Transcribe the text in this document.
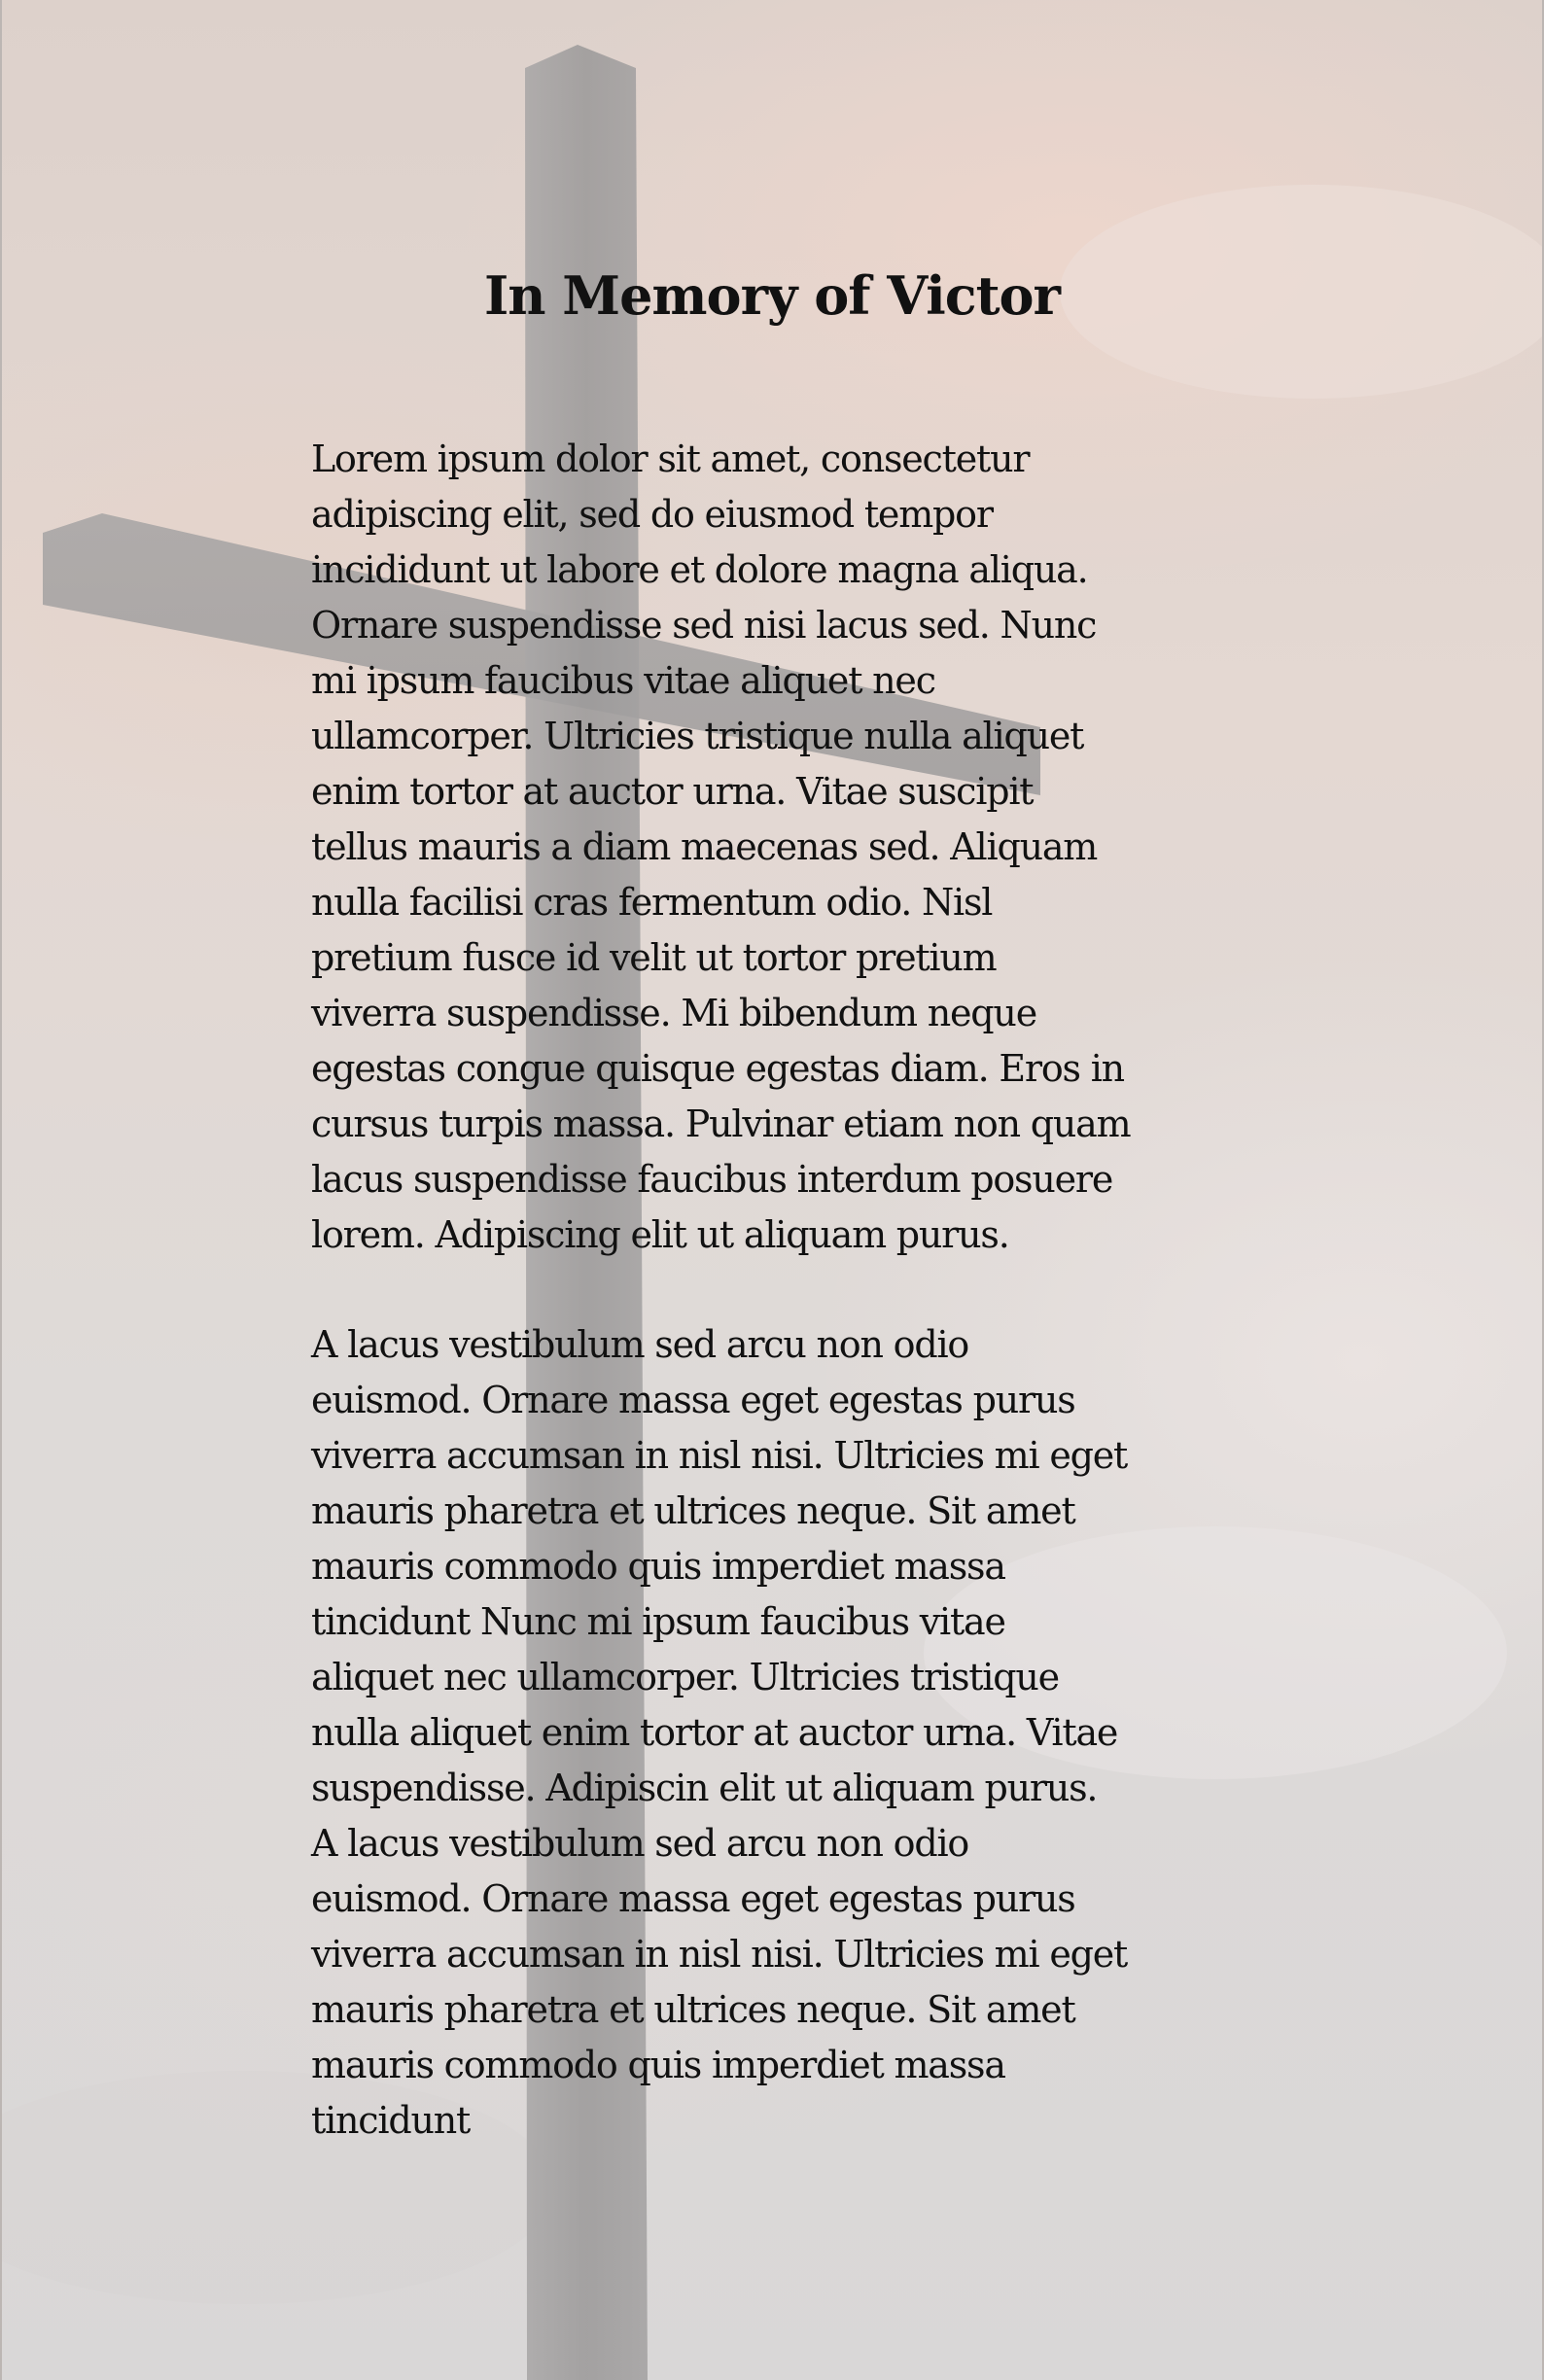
In Memory of Victor

Lorem ipsum dolor sit amet, consectetur
adipiscing elit, sed do eiusmod tempor
incididunt ut labore et dolore magna aliqua.
Ornare suspendisse sed nisi lacus sed. Nunc
mi ipsum faucibus vitae aliquet nec
ullamcorper. Ultricies tristique nulla aliquet
enim tortor at auctor urna. Vitae suscipit
tellus mauris a diam maecenas sed. Aliquam
nulla facilisi cras fermentum odio. Nisl
pretium fusce id velit ut tortor pretium
viverra suspendisse. Mi bibendum neque
egestas congue quisque egestas diam. Eros in
cursus turpis massa. Pulvinar etiam non quam
lacus suspendisse faucibus interdum posuere
lorem. Adipiscing elit ut aliquam purus.

A lacus vestibulum sed arcu non odio
euismod. Ornare massa eget egestas purus
viverra accumsan in nisl nisi. Ultricies mi eget
mauris pharetra et ultrices neque. Sit amet
mauris commodo quis imperdiet massa
tincidunt Nunc mi ipsum faucibus vitae
aliquet nec ullamcorper. Ultricies tristique
nulla aliquet enim tortor at auctor urna. Vitae
suspendisse. Adipiscin elit ut aliquam purus.
A lacus vestibulum sed arcu non odio
euismod. Ornare massa eget egestas purus
viverra accumsan in nisl nisi. Ultricies mi eget
mauris pharetra et ultrices neque. Sit amet
mauris commodo quis imperdiet massa
tincidunt
